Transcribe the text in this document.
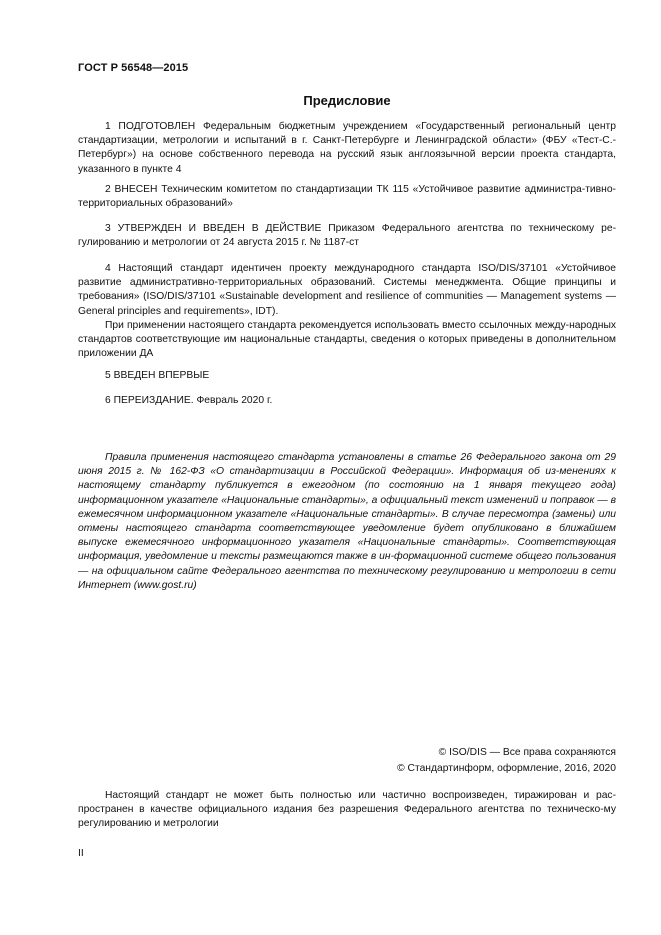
ГОСТ Р 56548—2015
Предисловие

1 ПОДГОТОВЛЕН Федеральным бюджетным учреждением «Государственный региональный центр стандартизации, метрологии и испытаний в г. Санкт-Петербурге и Ленинградской области» (ФБУ «Тест-С.-Петербург») на основе собственного перевода на русский язык англоязычной версии проекта стандарта, указанного в пункте 4

2 ВНЕСЕН Техническим комитетом по стандартизации ТК 115 «Устойчивое развитие администра-тивно-территориальных образований»

3 УТВЕРЖДЕН И ВВЕДЕН В ДЕЙСТВИЕ Приказом Федерального агентства по техническому ре-гулированию и метрологии от 24 августа 2015 г. № 1187-ст

4 Настоящий стандарт идентичен проекту международного стандарта ISO/DIS/37101 «Устойчивое развитие административно-территориальных образований. Системы менеджмента. Общие принципы и требования» (ISO/DIS/37101 «Sustainable development and resilience of communities — Management systems — General principles and requirements», IDT).

При применении настоящего стандарта рекомендуется использовать вместо ссылочных между-народных стандартов соответствующие им национальные стандарты, сведения о которых приведены в дополнительном приложении ДА

5 ВВЕДЕН ВПЕРВЫЕ

6 ПЕРЕИЗДАНИЕ. Февраль 2020 г.

Правила применения настоящего стандарта установлены в статье 26 Федерального закона от 29 июня 2015 г. № 162-ФЗ «О стандартизации в Российской Федерации». Информация об из-менениях к настоящему стандарту публикуется в ежегодном (по состоянию на 1 января текущего года) информационном указателе «Национальные стандарты», а официальный текст изменений и поправок — в ежемесячном информационном указателе «Национальные стандарты». В случае пересмотра (замены) или отмены настоящего стандарта соответствующее уведомление будет опубликовано в ближайшем выпуске ежемесячного информационного указателя «Национальные стандарты». Соответствующая информация, уведомление и тексты размещаются также в ин-формационной системе общего пользования — на официальном сайте Федерального агентства по техническому регулированию и метрологии в сети Интернет (www.gost.ru)

© ISO/DIS — Все права сохраняются
© Стандартинформ, оформление, 2016, 2020

Настоящий стандарт не может быть полностью или частично воспроизведен, тиражирован и рас-пространен в качестве официального издания без разрешения Федерального агентства по техническо-му регулированию и метрологии

II
